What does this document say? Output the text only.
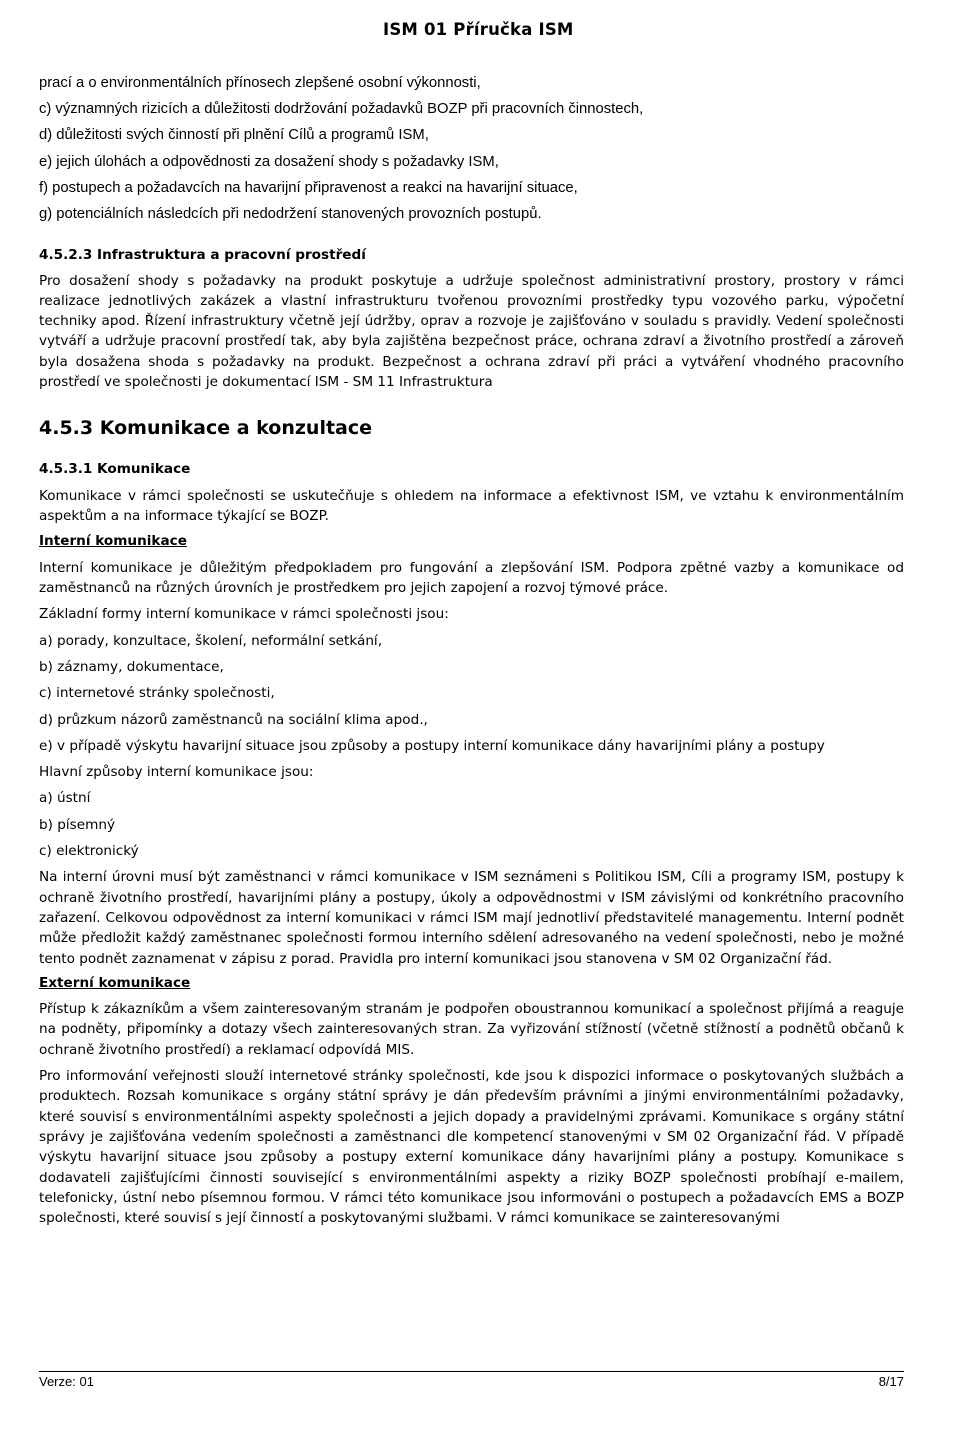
ISM 01 Příručka ISM

prací a o environmentálních přínosech zlepšené osobní výkonnosti,

c) významných rizicích a důležitosti dodržování požadavků BOZP při pracovních činnostech,

d) důležitosti svých činností při plnění Cílů a programů ISM,

e) jejich úlohách a odpovědnosti za dosažení shody s požadavky ISM,

f) postupech a požadavcích na havarijní připravenost a reakci na havarijní situace,

g) potenciálních následcích při nedodržení stanovených provozních postupů.

4.5.2.3 Infrastruktura a pracovní prostředí

Pro dosažení shody s požadavky na produkt poskytuje a udržuje společnost administrativní prostory, prostory v rámci realizace jednotlivých zakázek a vlastní infrastrukturu tvořenou provozními prostředky typu vozového parku, výpočetní techniky apod. Řízení infrastruktury včetně její údržby, oprav a rozvoje je zajišťováno v souladu s pravidly. Vedení společnosti vytváří a udržuje pracovní prostředí tak, aby byla zajištěna bezpečnost práce, ochrana zdraví a životního prostředí a zároveň byla dosažena shoda s požadavky na produkt. Bezpečnost a ochrana zdraví při práci a vytváření vhodného pracovního prostředí ve společnosti je dokumentací ISM - SM 11 Infrastruktura

4.5.3 Komunikace a konzultace

4.5.3.1 Komunikace

Komunikace v rámci společnosti se uskutečňuje s ohledem na informace a efektivnost ISM, ve vztahu k environmentálním aspektům a na informace týkající se BOZP.

Interní komunikace

Interní komunikace je důležitým předpokladem pro fungování a zlepšování ISM. Podpora zpětné vazby a komunikace od zaměstnanců na různých úrovních je prostředkem pro jejich zapojení a rozvoj týmové práce.

Základní formy interní komunikace v rámci společnosti jsou:

a) porady, konzultace, školení, neformální setkání,

b) záznamy, dokumentace,

c) internetové stránky společnosti,

d) průzkum názorů zaměstnanců na sociální klima apod.,

e) v případě výskytu havarijní situace jsou způsoby a postupy interní komunikace dány havarijními plány a postupy

Hlavní způsoby interní komunikace jsou:

a) ústní

b) písemný

c) elektronický

Na interní úrovni musí být zaměstnanci v rámci komunikace v ISM seznámeni s Politikou ISM, Cíli a programy ISM, postupy k ochraně životního prostředí, havarijními plány a postupy, úkoly a odpovědnostmi v ISM závislými od konkrétního pracovního zařazení. Celkovou odpovědnost za interní komunikaci v rámci ISM mají jednotliví představitelé managementu. Interní podnět může předložit každý zaměstnanec společnosti formou interního sdělení adresovaného na vedení společnosti, nebo je možné tento podnět zaznamenat v zápisu z porad. Pravidla pro interní komunikaci jsou stanovena v SM 02 Organizační řád.

Externí komunikace

Přístup k zákazníkům a všem zainteresovaným stranám je podpořen oboustrannou komunikací a společnost přijímá a reaguje na podněty, připomínky a dotazy všech zainteresovaných stran. Za vyřizování stížností (včetně stížností a podnětů občanů k ochraně životního prostředí) a reklamací odpovídá MIS.

Pro informování veřejnosti slouží internetové stránky společnosti, kde jsou k dispozici informace o poskytovaných službách a produktech. Rozsah komunikace s orgány státní správy je dán především právními a jinými environmentálními požadavky, které souvisí s environmentálními aspekty společnosti a jejich dopady a pravidelnými zprávami. Komunikace s orgány státní správy je zajišťována vedením společnosti a zaměstnanci dle kompetencí stanovenými v SM 02 Organizační řád. V případě výskytu havarijní situace jsou způsoby a postupy externí komunikace dány havarijními plány a postupy. Komunikace s dodavateli zajišťujícími činnosti související s environmentálními aspekty a riziky BOZP společnosti probíhají e-mailem, telefonicky, ústní nebo písemnou formou. V rámci této komunikace jsou informováni o postupech a požadavcích EMS a BOZP společnosti, které souvisí s její činností a poskytovanými službami. V rámci komunikace se zainteresovanými

Verze: 01	8/17
